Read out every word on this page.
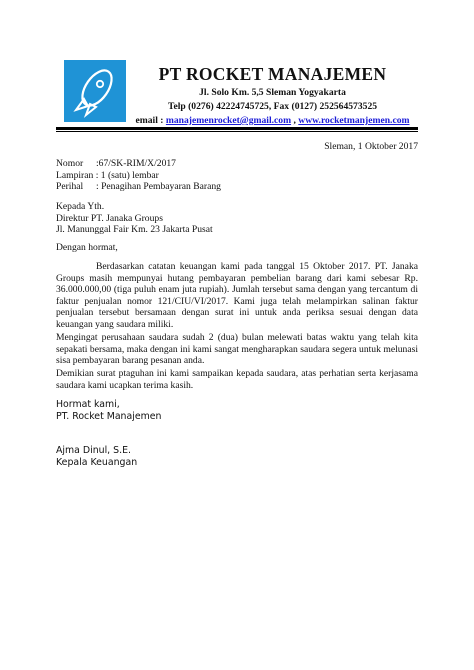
PT ROCKET MANAJEMEN
Jl. Solo Km. 5,5 Sleman Yogyakarta
Telp (0276) 42224745725, Fax (0127) 252564573525
email : manajemenrocket@gmail.com , www.rocketmanjemen.com
Sleman, 1 Oktober 2017
Nomor :67/SK-RIM/X/2017
Lampiran : 1 (satu) lembar
Perihal : Penagihan Pembayaran Barang
Kepada Yth.
Direktur PT. Janaka Groups
Jl. Manunggal Fair Km. 23 Jakarta Pusat
Dengan hormat,
Berdasarkan catatan keuangan kami pada tanggal 15 Oktober 2017. PT. Janaka Groups masih mempunyai hutang pembayaran pembelian barang dari kami sebesar Rp. 36.000.000,00 (tiga puluh enam juta rupiah). Jumlah tersebut sama dengan yang tercantum di faktur penjualan nomor 121/CIU/VI/2017. Kami juga telah melampirkan salinan faktur penjualan tersebut bersamaan dengan surat ini untuk anda periksa sesuai dengan data keuangan yang saudara miliki.
Mengingat perusahaan saudara sudah 2 (dua) bulan melewati batas waktu yang telah kita sepakati bersama, maka dengan ini kami sangat mengharapkan saudara segera untuk melunasi sisa pembayaran barang pesanan anda.
Demikian surat ptaguhan ini kami sampaikan kepada saudara, atas perhatian serta kerjasama saudara kami ucapkan terima kasih.
Hormat kami,
PT. Rocket Manajemen
Ajma Dinul, S.E.
Kepala Keuangan
